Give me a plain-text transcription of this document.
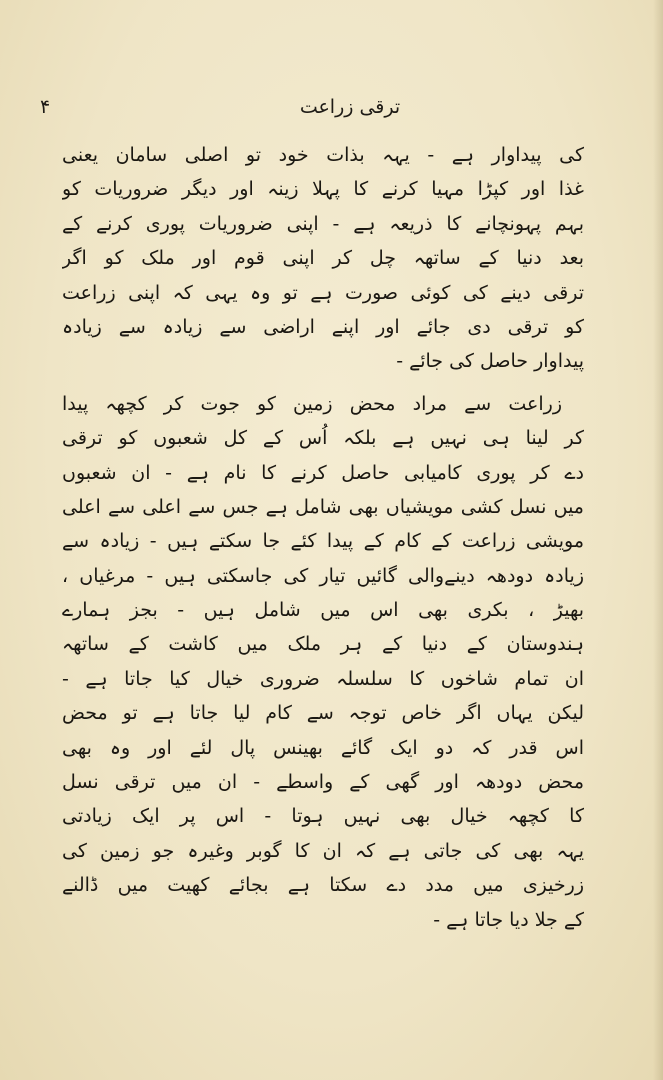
۴	ترقی زراعت
کی پیداوار ہے - یہہ بذات خود تو اصلی سامان یعنی
غذا اور کپڑا مہیا کرنے کا پہلا زینہ اور دیگر ضروریات کو
بہم پہونچانے کا ذریعہ ہے - اپنی ضروریات پوری کرنے کے
بعد دنیا کے ساتھہ چل کر اپنی قوم اور ملک کو اگر
ترقی دینے کی کوئی صورت ہے تو وہ یہی کہ اپنی زراعت
کو ترقی دی جائے اور اپنے اراضی سے زیادہ سے زیادہ
پیداوار حاصل کی جائے -
زراعت سے مراد محض زمین کو جوت کر کچھہ پیدا
کر لینا ہی نہیں ہے بلکہ اُس کے کل شعبوں کو ترقی
دے کر پوری کامیابی حاصل کرنے کا نام ہے - ان شعبوں
میں نسل کشی مویشیاں بھی شامل ہے جس سے اعلی سے اعلی
مویشی زراعت کے کام کے پیدا کئے جا سکتے ہیں - زیادہ سے
زیادہ دودھہ دینےوالی گائیں تیار کی جاسکتی ہیں - مرغیاں ،
بھیڑ ، بکری بھی اس میں شامل ہیں - بجز ہمارے
ہندوستان کے دنیا کے ہر ملک میں کاشت کے ساتھہ
ان تمام شاخوں کا سلسلہ ضروری خیال کیا جاتا ہے -
لیکن یہاں اگر خاص توجہ سے کام لیا جاتا ہے تو محض
اس قدر کہ دو ایک گائے بھینس پال لئے اور وہ بھی
محض دودھہ اور گھی کے واسطے - ان میں ترقی نسل
کا کچھہ خیال بھی نہیں ہوتا - اس پر ایک زیادتی
یہہ بھی کی جاتی ہے کہ ان کا گوبر وغیرہ جو زمین کی
زرخیزی میں مدد دے سکتا ہے بجائے کھیت میں ڈالنے
کے جلا دیا جاتا ہے -
